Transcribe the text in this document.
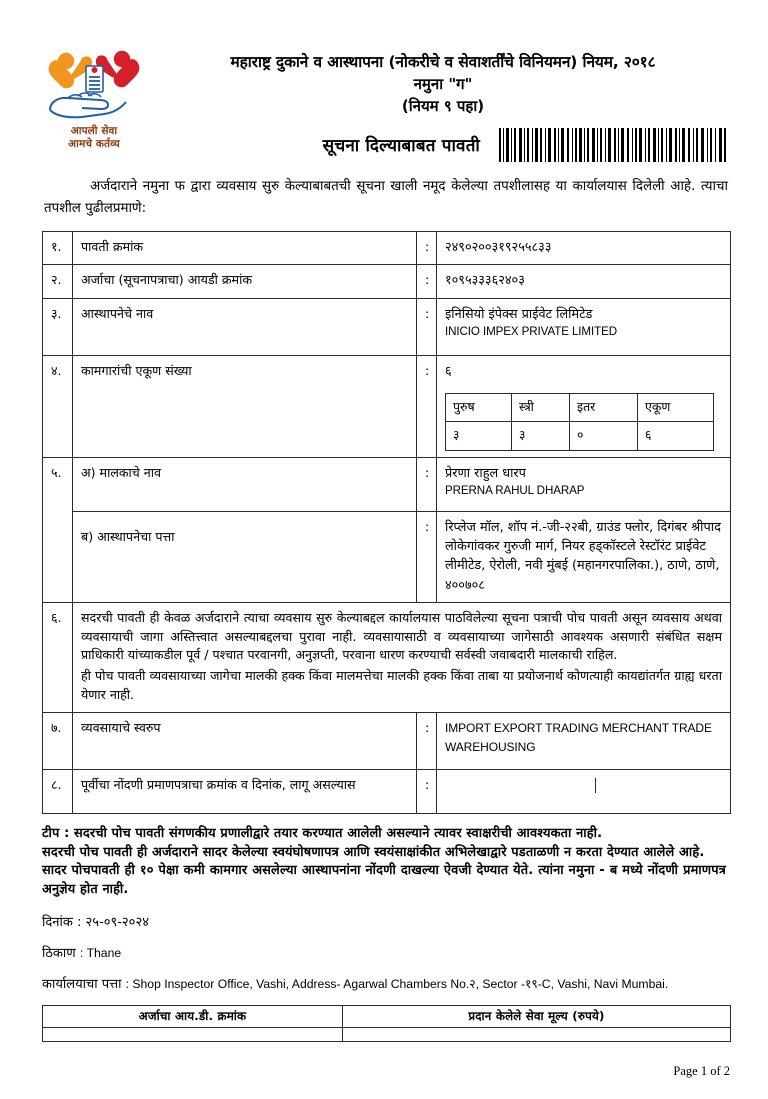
आपली सेवा
आमचे कर्तव्य
महाराष्ट्र दुकाने व आस्थापना (नोकरीचे व सेवाशर्तींचे विनियमन) नियम, २०१८
नमुना "ग"
(नियम ९ पहा)
सूचना दिल्याबाबत पावती
अर्जदाराने नमुना फ द्वारा व्यवसाय सुरु केल्याबाबतची सूचना खाली नमूद केलेल्या तपशीलासह या कार्यालयास दिलेली आहे. त्याचा तपशील पुढीलप्रमाणे:
१.	पावती क्रमांक	:	२४९०२००३१९२५५८३३
२.	अर्जाचा (सूचनापत्राचा) आयडी क्रमांक	:	१०९५३३३६२४०३
३.	आस्थापनेचे नाव	:	इनिसियो इंपेक्स प्राईवेट लिमिटेड
INICIO IMPEX PRIVATE LIMITED

४.	कामगारांची एकूण संख्या	:	६
पुरुष	स्त्री	इतर	एकूण
३	३	०	६

५.	अ) मालकाचे नाव	:	प्रेरणा राहुल धारप
PRERNA RAHUL DHARAP

ब) आस्थापनेचा पत्ता	:	रिप्लेज मॉल, शॉप नं.-जी-२२बी, ग्राउंड फ्लोर, दिगंबर श्रीपाद लोकेगांवकर गुरुजी मार्ग, नियर हड्कॉस्टले रेस्टॉरंट प्राईवेट लीमीटेड, ऐरोली, नवी मुंबई (महानगरपालिका.), ठाणे, ठाणे, ४००७०८
६.	सदरची पावती ही केवळ अर्जदाराने त्याचा व्यवसाय सुरु केल्याबद्दल कार्यालयास पाठविलेल्या सूचना पत्राची पोच पावती असून व्यवसाय अथवा व्यवसायाची जागा अस्तित्त्वात असल्याबद्दलचा पुरावा नाही. व्यवसायासाठी व व्यवसायाच्या जागेसाठी आवश्यक असणारी संबंधित सक्षम प्राधिकारी यांच्याकडील पूर्व / पश्चात परवानगी, अनुज्ञप्ती, परवाना धारण करण्याची सर्वस्वी जवाबदारी मालकाची राहिल.

ही पोच पावती व्यवसायाच्या जागेचा मालकी हक्क किंवा मालमत्तेचा मालकी हक्क किंवा ताबा या प्रयोजनार्थ कोणत्याही कायद्यांतर्गत ग्राह्य धरता येणार नाही.

७.	व्यवसायाचे स्वरुप	:	IMPORT EXPORT TRADING MERCHANT TRADE WAREHOUSING
८.	पूर्वीचा नोंदणी प्रमाणपत्राचा क्रमांक व दिनांक, लागू असल्यास	:	

टीप : सदरची पोच पावती संगणकीय प्रणालीद्वारे तयार करण्यात आलेली असल्याने त्यावर स्वाक्षरीची आवश्यकता नाही.

सदरची पोच पावती ही अर्जदाराने सादर केलेल्या स्वयंघोषणापत्र आणि स्वयंसाक्षांकीत अभिलेखाद्वारे पडताळणी न करता देण्यात आलेले आहे.

सादर पोचपावती ही १० पेक्षा कमी कामगार असलेल्या आस्थापनांना नोंदणी दाखल्या ऐवजी देण्यात येते. त्यांना नमुना - ब मध्ये नोंदणी प्रमाणपत्र अनुज्ञेय होत नाही.

दिनांक : २५-०९-२०२४
ठिकाण : Thane
कार्यालयाचा पत्ता : Shop Inspector Office, Vashi, Address- Agarwal Chambers No.२, Sector -१९-C, Vashi, Navi Mumbai.
अर्जाचा आय.डी. क्रमांक	प्रदान केलेले सेवा मूल्य (रुपये)

Page 1 of 2
